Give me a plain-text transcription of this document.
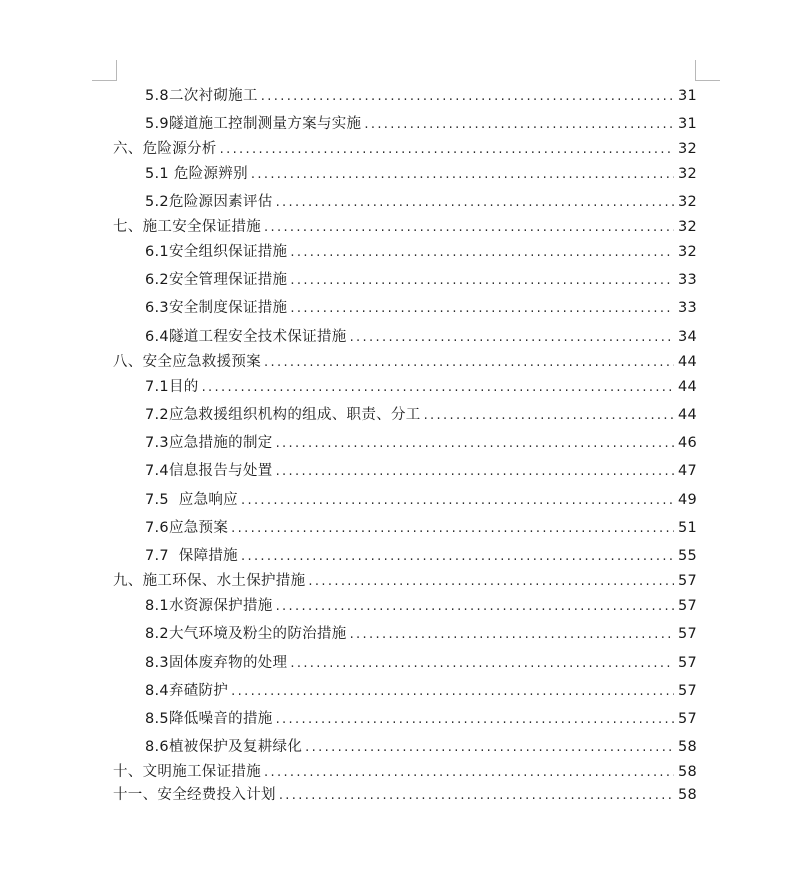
5.8二次衬砌施工 .....	31
5.9隧道施工控制测量方案与实施 .....	31
六、危险源分析 .....	32
5.1 危险源辨别 .....	32
5.2危险源因素评估 .....	32
七、施工安全保证措施 .....	32
6.1安全组织保证措施 .....	32
6.2安全管理保证措施 .....	33
6.3安全制度保证措施 .....	33
6.4隧道工程安全技术保证措施 .....	34
八、安全应急救援预案 .....	44
7.1目的 .....	44
7.2应急救援组织机构的组成、职责、分工 .....	44
7.3应急措施的制定 .....	46
7.4信息报告与处置 .....	47
7.5  应急响应 .....	49
7.6应急预案 .....	51
7.7  保障措施 .....	55
九、施工环保、水土保护措施 .....	57
8.1水资源保护措施 .....	57
8.2大气环境及粉尘的防治措施 .....	57
8.3固体废弃物的处理 .....	57
8.4弃碴防护 .....	57
8.5降低噪音的措施 .....	57
8.6植被保护及复耕绿化 .....	58
十、文明施工保证措施 .....	58
十一、安全经费投入计划 .....	58
